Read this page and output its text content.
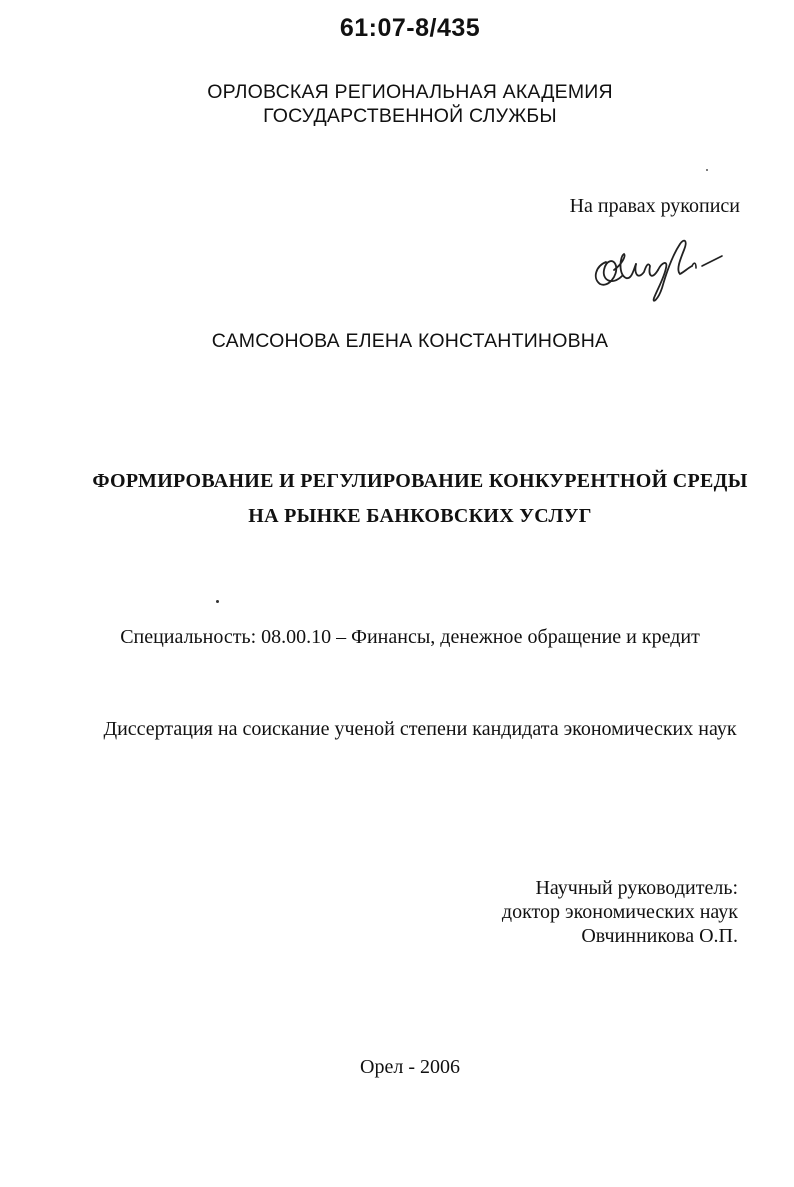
61:07-8/435
ОРЛОВСКАЯ РЕГИОНАЛЬНАЯ АКАДЕМИЯ
ГОСУДАРСТВЕННОЙ СЛУЖБЫ
На правах рукописи
САМСОНОВА ЕЛЕНА КОНСТАНТИНОВНА
ФОРМИРОВАНИЕ И РЕГУЛИРОВАНИЕ КОНКУРЕНТНОЙ СРЕДЫ
НА РЫНКЕ БАНКОВСКИХ УСЛУГ
Специальность: 08.00.10 – Финансы, денежное обращение и кредит
Диссертация на соискание ученой степени кандидата экономических наук
Научный руководитель:
доктор экономических наук
Овчинникова О.П.
Орел - 2006
